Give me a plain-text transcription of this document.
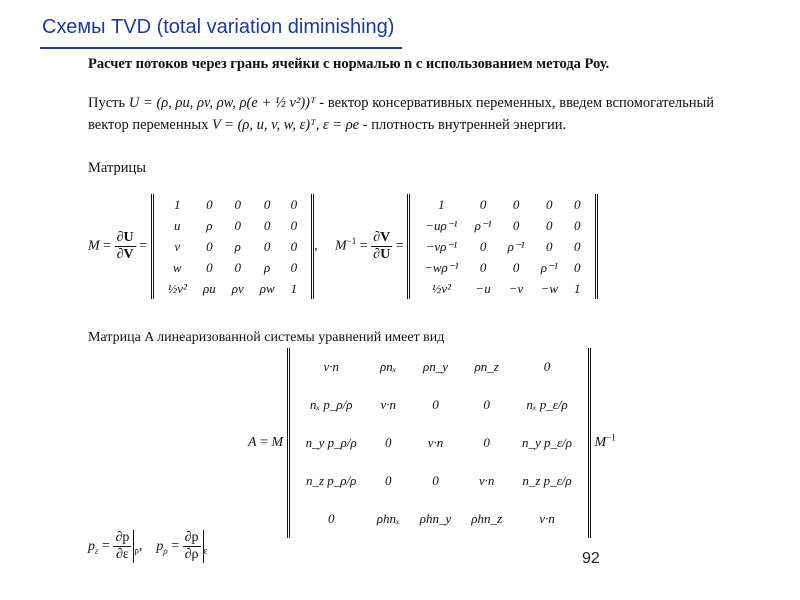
Схемы TVD (total variation diminishing)
Расчет потоков через грань ячейки с нормалью n с использованием метода Роу.
Пусть U = (ρ, ρu, ρv, ρw, ρ(e + ½ v²))ᵀ - вектор консервативных переменных, введем вспомогательный вектор переменных V = (ρ, u, v, w, ε)ᵀ, ε = ρe - плотность внутренней энергии.
Матрицы
$M = \frac{\partial U}{\partial V}$ =
1	0	0	0	0
u	ρ	0	0	0
v	0	ρ	0	0
w	0	0	ρ	0
½v²	ρu	ρv	ρw	1
, $M^{-1} = \frac{\partial V}{\partial U}$ =
1	0	0	0	0
−uρ⁻¹	ρ⁻¹	0	0	0
−vρ⁻¹	0	ρ⁻¹	0	0
−wρ⁻¹	0	0	ρ⁻¹	0
½v²	−u	−v	−w	1
Матрица A линеаризованной системы уравнений имеет вид
A = M
v·n	ρnₓ	ρn_y	ρn_z	0
nₓ p_ρ/ρ	v·n	0	0	nₓ p_ε/ρ
n_y p_ρ/ρ	0	v·n	0	n_y p_ε/ρ
n_z p_ρ/ρ	0	0	v·n	n_z p_ε/ρ
0	ρhnₓ	ρhn_y	ρhn_z	v·n
$M^{-1}$
$p_\varepsilon = \frac{\partial p}{\partial\varepsilon} _\rho$,    $p_\rho = \frac{\partial p}{\partial\rho} _\varepsilon$	92
